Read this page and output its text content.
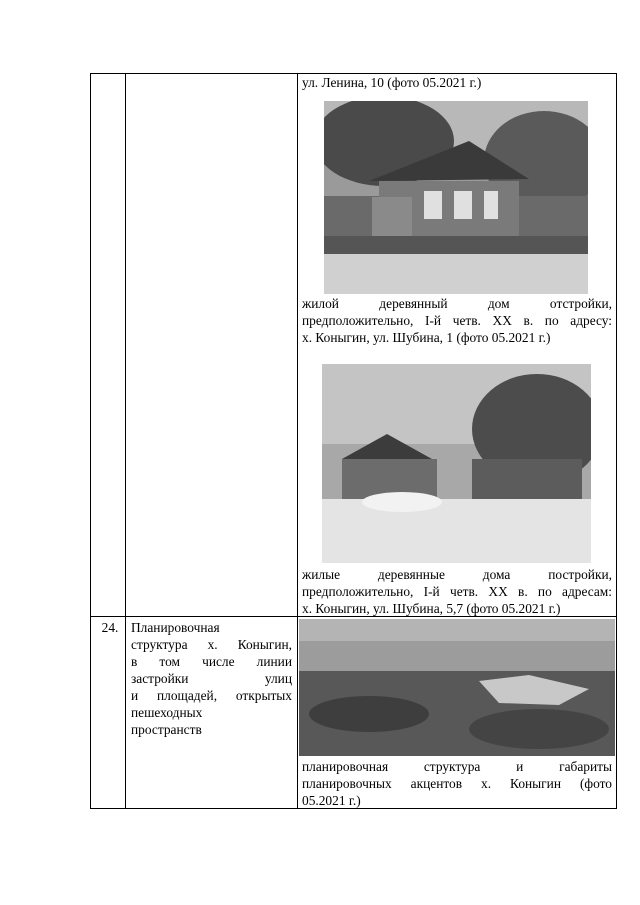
ул. Ленина, 10 (фото 05.2021 г.)
жилой деревянный дом отстройки,
предположительно, I-й четв. XX в. по адресу:
х. Коныгин, ул. Шубина, 1 (фото 05.2021 г.)
жилые деревянные дома постройки,
предположительно, I-й четв. XX в. по адресам:
х. Коныгин, ул. Шубина, 5,7 (фото 05.2021 г.)
24. Планировочная
структура х. Коныгин,
в том числе линии
застройки улиц
и площадей, открытых
пешеходных
пространств
планировочная структура и габариты
планировочных акцентов х. Коныгин (фото
05.2021 г.)
